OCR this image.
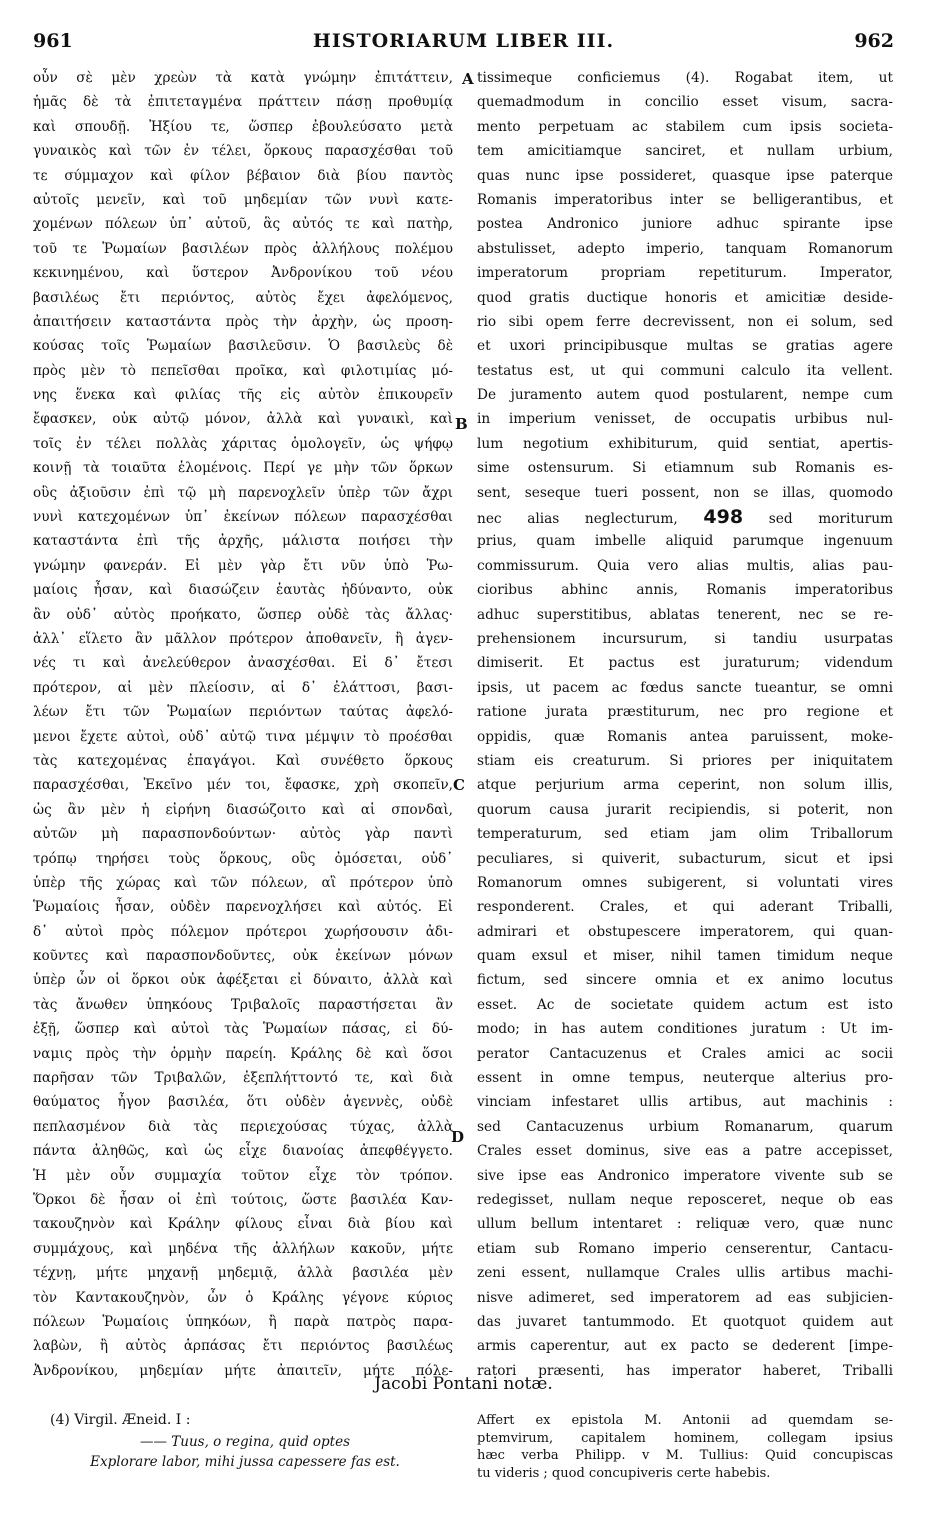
961	HISTORIARUM LIBER III.	962
οὖν σὲ μὲν χρεὼν τὰ κατὰ γνώμην ἐπιτάττειν,
ἡμᾶς δὲ τὰ ἐπιτεταγμένα πράττειν πάσῃ προθυμίᾳ
καὶ σπουδῇ. Ἠξίου τε, ὥσπερ ἐβουλεύσατο μετὰ
γυναικὸς καὶ τῶν ἐν τέλει, ὅρκους παρασχέσθαι τοῦ
τε σύμμαχον καὶ φίλον βέβαιον διὰ βίου παντὸς
αὐτοῖς μενεῖν, καὶ τοῦ μηδεμίαν τῶν νυνὶ κατε-
χομένων πόλεων ὑπ᾽ αὐτοῦ, ἃς αὐτός τε καὶ πατὴρ,
τοῦ τε Ῥωμαίων βασιλέων πρὸς ἀλλήλους πολέμου
κεκινημένου, καὶ ὕστερον Ἀνδρονίκου τοῦ νέου
βασιλέως ἔτι περιόντος, αὐτὸς ἔχει ἀφελόμενος,
ἀπαιτήσειν καταστάντα πρὸς τὴν ἀρχὴν, ὡς προση-
κούσας τοῖς Ῥωμαίων βασιλεῦσιν. Ὁ βασιλεὺς δὲ
πρὸς μὲν τὸ πεπεῖσθαι προῖκα, καὶ φιλοτιμίας μό-
νης ἕνεκα καὶ φιλίας τῆς εἰς αὐτὸν ἐπικουρεῖν
ἔφασκεν, οὐκ αὐτῷ μόνον, ἀλλὰ καὶ γυναικὶ, καὶ
τοῖς ἐν τέλει πολλὰς χάριτας ὁμολογεῖν, ὡς ψήφῳ
κοινῇ τὰ τοιαῦτα ἑλομένοις. Περί γε μὴν τῶν ὅρκων
οὓς ἀξιοῦσιν ἐπὶ τῷ μὴ παρενοχλεῖν ὑπὲρ τῶν ἄχρι
νυνὶ κατεχομένων ὑπ᾽ ἐκείνων πόλεων παρασχέσθαι
καταστάντα ἐπὶ τῆς ἀρχῆς, μάλιστα ποιήσει τὴν
γνώμην φανεράν. Εἰ μὲν γὰρ ἔτι νῦν ὑπὸ Ῥω-
μαίοις ἦσαν, καὶ διασώζειν ἑαυτὰς ἠδύναντο, οὐκ
ἂν οὐδ᾽ αὐτὸς προήκατο, ὥσπερ οὐδὲ τὰς ἄλλας·
ἀλλ᾽ εἵλετο ἂν μᾶλλον πρότερον ἀποθανεῖν, ἢ ἀγεν-
νές τι καὶ ἀνελεύθερον ἀνασχέσθαι. Εἰ δ᾽ ἔτεσι
πρότερον, αἱ μὲν πλείοσιν, αἱ δ᾽ ἐλάττοσι, βασι-
λέων ἔτι τῶν Ῥωμαίων περιόντων ταύτας ἀφελό-
μενοι ἔχετε αὐτοὶ, οὐδ᾽ αὐτῷ τινα μέμψιν τὸ προέσθαι
τὰς κατεχομένας ἐπαγάγοι. Καὶ συνέθετο ὅρκους
παρασχέσθαι, Ἐκεῖνο μέν τοι, ἔφασκε, χρὴ σκοπεῖν,
ὡς ἂν μὲν ἡ εἰρήνη διασώζοιτο καὶ αἱ σπονδαὶ,
αὐτῶν μὴ παρασπονδούντων· αὐτὸς γὰρ παντὶ
τρόπῳ τηρήσει τοὺς ὅρκους, οὓς ὀμόσεται, οὐδ᾽
ὑπὲρ τῆς χώρας καὶ τῶν πόλεων, αἳ πρότερον ὑπὸ
Ῥωμαίοις ἦσαν, οὐδὲν παρενοχλήσει καὶ αὐτός. Εἰ
δ᾽ αὐτοὶ πρὸς πόλεμον πρότεροι χωρήσουσιν ἀδι-
κοῦντες καὶ παρασπονδοῦντες, οὐκ ἐκείνων μόνων
ὑπὲρ ὧν οἱ ὅρκοι οὐκ ἀφέξεται εἰ δύναιτο, ἀλλὰ καὶ
τὰς ἄνωθεν ὑπηκόους Τριβαλοῖς παραστήσεται ἂν
ἐξῇ, ὥσπερ καὶ αὐτοὶ τὰς Ῥωμαίων πάσας, εἰ δύ-
ναμις πρὸς τὴν ὁρμὴν παρείη. Κράλης δὲ καὶ ὅσοι
παρῆσαν τῶν Τριβαλῶν, ἐξεπλήττοντό τε, καὶ διὰ
θαύματος ἦγον βασιλέα, ὅτι οὐδὲν ἀγεννὲς, οὐδὲ
πεπλασμένον διὰ τὰς περιεχούσας τύχας, ἀλλὰ
πάντα ἀληθῶς, καὶ ὡς εἶχε διανοίας ἀπεφθέγγετο.
Ἡ μὲν οὖν συμμαχία τοῦτον εἶχε τὸν τρόπον.
Ὅρκοι δὲ ἦσαν οἱ ἐπὶ τούτοις, ὥστε βασιλέα Καν-
τακουζηνὸν καὶ Κράλην φίλους εἶναι διὰ βίου καὶ
συμμάχους, καὶ μηδένα τῆς ἀλλήλων κακοῦν, μήτε
τέχνῃ, μήτε μηχανῇ μηδεμιᾷ, ἀλλὰ βασιλέα μὲν
τὸν Καντακουζηνὸν, ὧν ὁ Κράλης γέγονε κύριος
πόλεων Ῥωμαίοις ὑπηκόων, ἢ παρὰ πατρὸς παρα-
λαβὼν, ἢ αὐτὸς ἁρπάσας ἔτι περιόντος βασιλέως
Ἀνδρονίκου, μηδεμίαν μήτε ἀπαιτεῖν, μήτε πόλε-
tissimeque conficiemus (4). Rogabat item, ut
quemadmodum in concilio esset visum, sacra-
mento perpetuam ac stabilem cum ipsis societa-
tem amicitiamque sanciret, et nullam urbium,
quas nunc ipse possideret, quasque ipse paterque
Romanis imperatoribus inter se belligerantibus, et
postea Andronico juniore adhuc spirante ipse
abstulisset, adepto imperio, tanquam Romanorum
imperatorum propriam repetiturum. Imperator,
quod gratis ductique honoris et amicitiæ deside-
rio sibi opem ferre decrevissent, non ei solum, sed
et uxori principibusque multas se gratias agere
testatus est, ut qui communi calculo ita vellent.
De juramento autem quod postularent, nempe cum
in imperium venisset, de occupatis urbibus nul-
lum negotium exhibiturum, quid sentiat, apertis-
sime ostensurum. Si etiamnum sub Romanis es-
sent, seseque tueri possent, non se illas, quomodo
nec alias neglecturum, 498 sed moriturum
prius, quam imbelle aliquid parumque ingenuum
commissurum. Quia vero alias multis, alias pau-
cioribus abhinc annis, Romanis imperatoribus
adhuc superstitibus, ablatas tenerent, nec se re-
prehensionem incursurum, si tandiu usurpatas
dimiserit. Et pactus est juraturum; videndum
ipsis, ut pacem ac fœdus sancte tueantur, se omni
ratione jurata præstiturum, nec pro regione et
oppidis, quæ Romanis antea paruissent, moke-
stiam eis creaturum. Si priores per iniquitatem
atque perjurium arma ceperint, non solum illis,
quorum causa jurarit recipiendis, si poterit, non
temperaturum, sed etiam jam olim Triballorum
peculiares, si quiverit, subacturum, sicut et ipsi
Romanorum omnes subigerent, si voluntati vires
responderent. Crales, et qui aderant Triballi,
admirari et obstupescere imperatorem, qui quan-
quam exsul et miser, nihil tamen timidum neque
fictum, sed sincere omnia et ex animo locutus
esset. Ac de societate quidem actum est isto
modo; in has autem conditiones juratum : Ut im-
perator Cantacuzenus et Crales amici ac socii
essent in omne tempus, neuterque alterius pro-
vinciam infestaret ullis artibus, aut machinis :
sed Cantacuzenus urbium Romanarum, quarum
Crales esset dominus, sive eas a patre accepisset,
sive ipse eas Andronico imperatore vivente sub se
redegisset, nullam neque reposceret, neque ob eas
ullum bellum intentaret : reliquæ vero, quæ nunc
etiam sub Romano imperio censerentur, Cantacu-
zeni essent, nullamque Crales ullis artibus machi-
nisve adimeret, sed imperatorem ad eas subjicien-
das juvaret tantummodo. Et quotquot quidem aut
armis caperentur, aut ex pacto se dederent [impe-
ratori præsenti, has imperator haberet, Triballi
A
B
C
D
Jacobi Pontani notæ.
(4) Virgil. Æneid. I :
—— Tuus, o regina, quid optes
Explorare labor, mihi jussa capessere fas est.
Affert ex epistola M. Antonii ad quemdam se-
ptemvirum, capitalem hominem, collegam ipsius
hæc verba Philipp. v M. Tullius: Quid concupiscas
tu videris ; quod concupiveris certe habebis.
